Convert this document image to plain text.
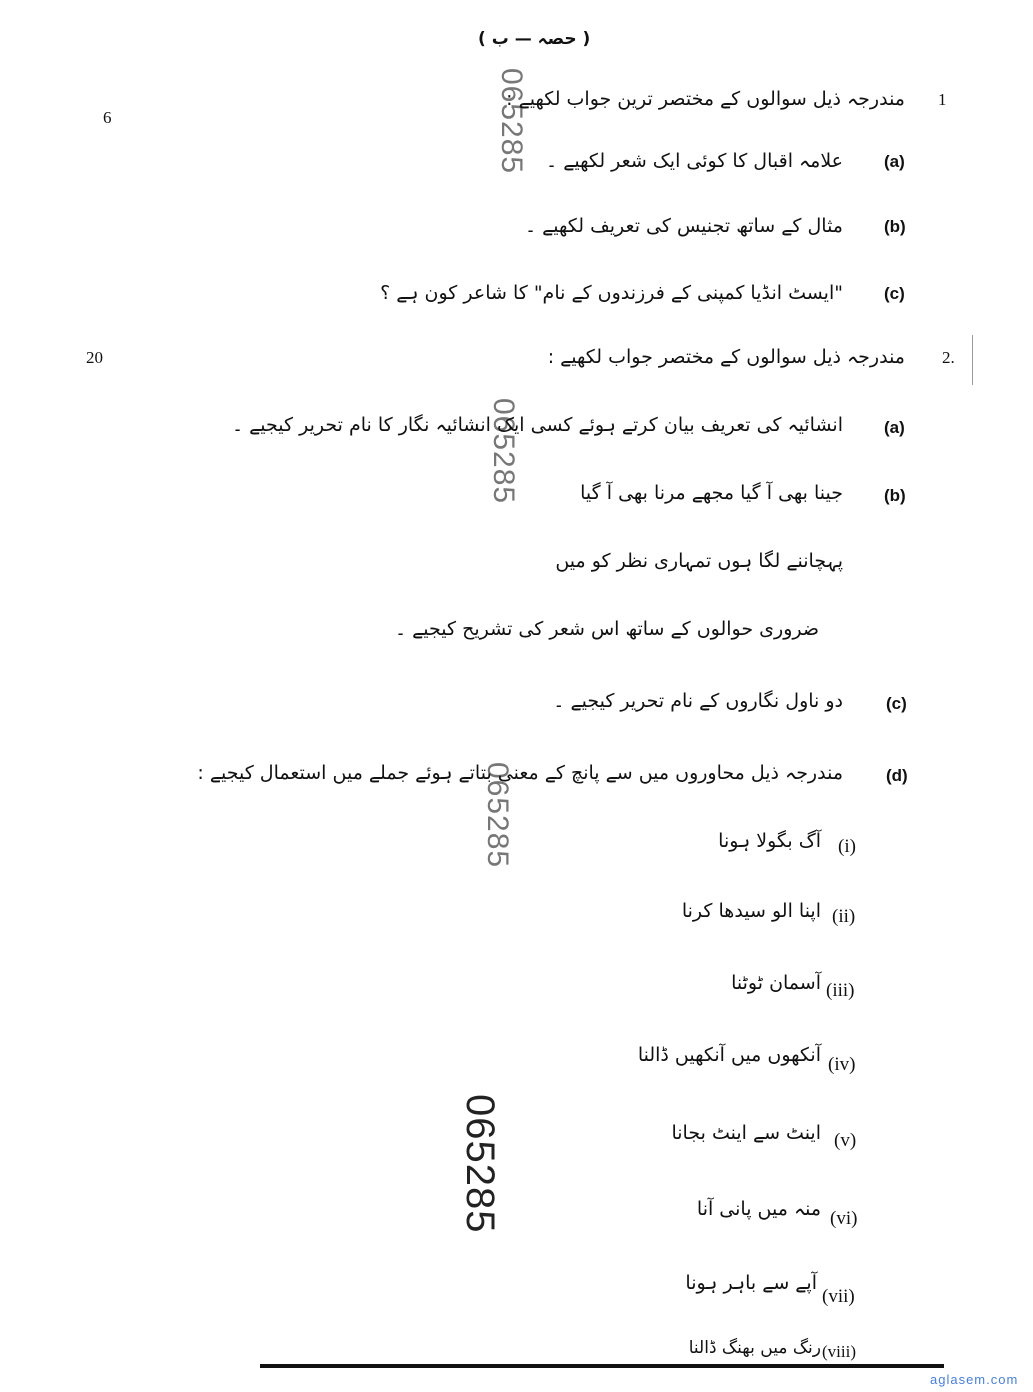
( حصہ — ب )
065285
065285
065285
065285
6
1
مندرجہ ذیل سوالوں کے مختصر ترین جواب لکھیے :
(a)
علامہ اقبال کا کوئی ایک شعر لکھیے ۔
(b)
مثال کے ساتھ تجنیس کی تعریف لکھیے ۔
(c)
"ایسٹ انڈیا کمپنی کے فرزندوں کے نام" کا شاعر کون ہے ؟
20	2.
مندرجہ ذیل سوالوں کے مختصر جواب لکھیے :
(a)
انشائیہ کی تعریف بیان کرتے ہوئے کسی ایک انشائیہ نگار کا نام تحریر کیجیے ۔
(b)
جینا بھی آ گیا مجھے مرنا بھی آ گیا
پہچاننے لگا ہوں تمہاری نظر کو میں
ضروری حوالوں کے ساتھ اس شعر کی تشریح کیجیے ۔
(c)
دو ناول نگاروں کے نام تحریر کیجیے ۔
(d)
مندرجہ ذیل محاوروں میں سے پانچ کے معنی بتاتے ہوئے جملے میں استعمال کیجیے :
(i)
آگ بگولا ہونا
(ii)
اپنا الو سیدھا کرنا
(iii)
آسمان ٹوٹنا
(iv)
آنکھوں میں آنکھیں ڈالنا
(v)
اینٹ سے اینٹ بجانا
(vi)
منہ میں پانی آنا
(vii)
آپے سے باہر ہونا
(viii)
رنگ میں بھنگ ڈالنا
aglasem.com
